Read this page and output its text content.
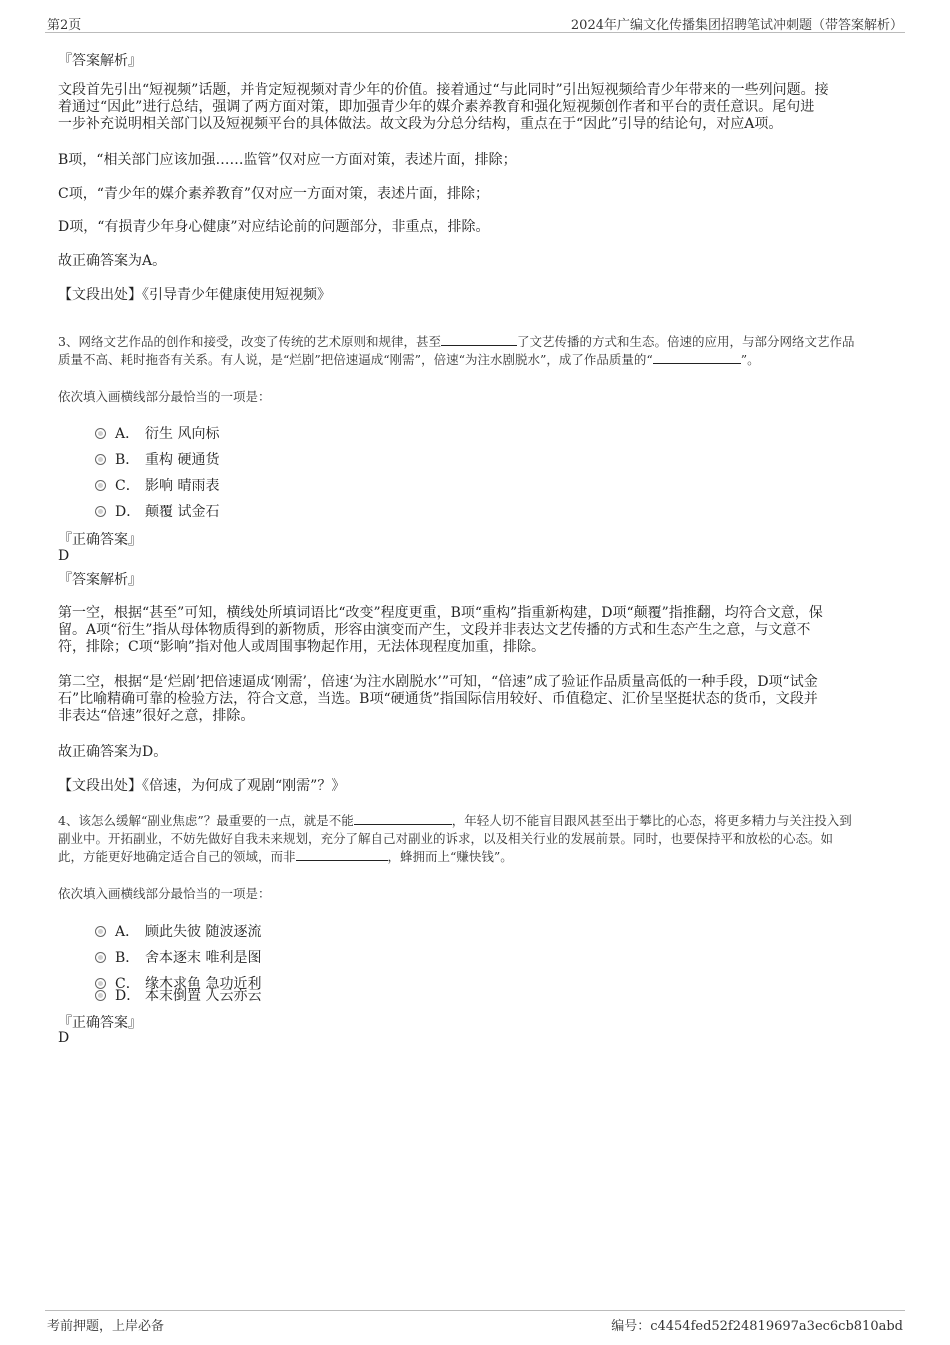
第2页	2024年广编文化传播集团招聘笔试冲刺题（带答案解析）
『答案解析』
文段首先引出“短视频”话题，并肯定短视频对青少年的价值。接着通过“与此同时”引出短视频给青少年带来的一些列问题。接
着通过“因此”进行总结，强调了两方面对策，即加强青少年的媒介素养教育和强化短视频创作者和平台的责任意识。尾句进
一步补充说明相关部门以及短视频平台的具体做法。故文段为分总分结构，重点在于“因此”引导的结论句，对应A项。
B项，“相关部门应该加强……监管”仅对应一方面对策，表述片面，排除；
C项，“青少年的媒介素养教育”仅对应一方面对策，表述片面，排除；
D项，“有损青少年身心健康”对应结论前的问题部分，非重点，排除。
故正确答案为A。
【文段出处】《引导青少年健康使用短视频》
3、网络文艺作品的创作和接受，改变了传统的艺术原则和规律，甚至	了文艺传播的方式和生态。倍速的应用，与部分网络文艺作品
质量不高、耗时拖沓有关系。有人说，是“烂剧”把倍速逼成“刚需”，倍速“为注水剧脱水”，成了作品质量的“	”。
依次填入画横线部分最恰当的一项是：
A． 衍生 风向标
B． 重构 硬通货
C． 影响 晴雨表
D． 颠覆 试金石
『正确答案』
D
『答案解析』
第一空，根据“甚至”可知，横线处所填词语比“改变”程度更重，B项“重构”指重新构建，D项“颠覆”指推翻，均符合文意，保
留。A项“衍生”指从母体物质得到的新物质，形容由演变而产生，文段并非表达文艺传播的方式和生态产生之意，与文意不
符，排除；C项“影响”指对他人或周围事物起作用，无法体现程度加重，排除。
第二空，根据“是‘烂剧’把倍速逼成‘刚需’，倍速‘为注水剧脱水’”可知，“倍速”成了验证作品质量高低的一种手段，D项“试金
石”比喻精确可靠的检验方法，符合文意，当选。B项“硬通货”指国际信用较好、币值稳定、汇价呈坚挺状态的货币，文段并
非表达“倍速”很好之意，排除。
故正确答案为D。
【文段出处】《倍速，为何成了观剧“刚需”？》
4、该怎么缓解“副业焦虑”？最重要的一点，就是不能	，年轻人切不能盲目跟风甚至出于攀比的心态，将更多精力与关注投入到
副业中。开拓副业，不妨先做好自我未来规划，充分了解自己对副业的诉求，以及相关行业的发展前景。同时，也要保持平和放松的心态。如
此，方能更好地确定适合自己的领域，而非	，蜂拥而上“赚快钱”。
依次填入画横线部分最恰当的一项是：
A． 顾此失彼 随波逐流
B． 舍本逐末 唯利是图
C． 缘木求鱼 急功近利
D． 本末倒置 人云亦云
『正确答案』
D
考前押题，上岸必备	编号：c4454fed52f24819697a3ec6cb810abd
